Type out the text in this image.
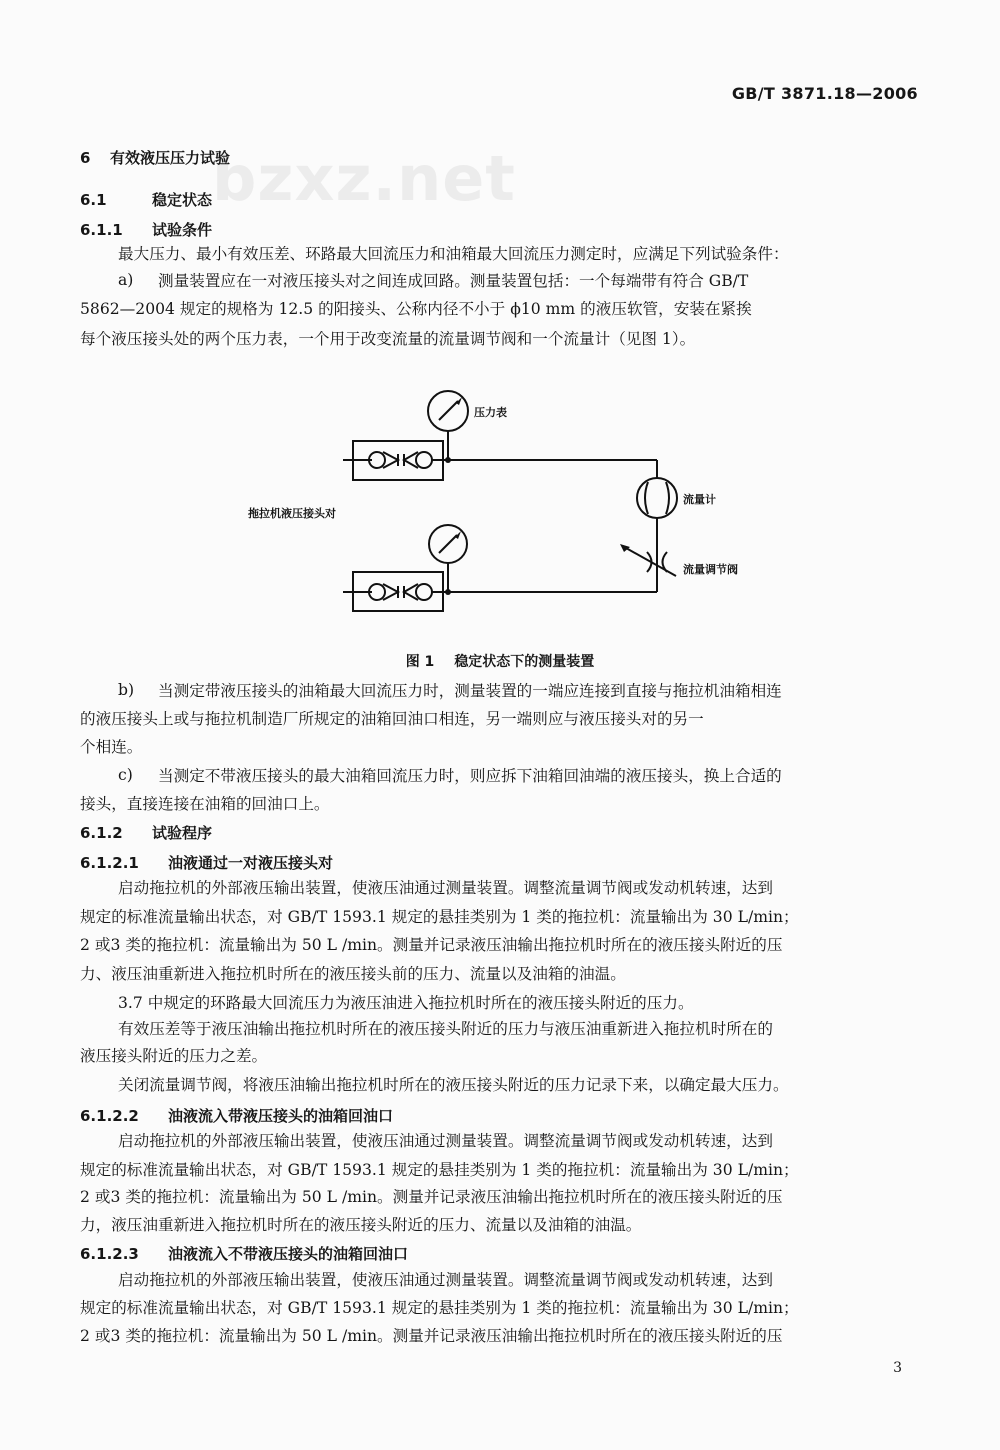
bzxz.net
GB/T 3871.18—2006
6 有效液压压力试验
6.1	稳定状态
6.1.1 试验条件
最大压力、最小有效压差、环路最大回流压力和油箱最大回流压力测定时，应满足下列试验条件：
a) 测量装置应在一对液压接头对之间连成回路。测量装置包括：一个每端带有符合 GB/T
5862—2004 规定的规格为 12.5 的阳接头、公称内径不小于 ϕ10 mm 的液压软管，安装在紧挨
每个液压接头处的两个压力表，一个用于改变流量的流量调节阀和一个流量计（见图 1）。
压力表
拖拉机液压接头对
流量计
流量调节阀
图 1 稳定状态下的测量装置
b) 当测定带液压接头的油箱最大回流压力时，测量装置的一端应连接到直接与拖拉机油箱相连
的液压接头上或与拖拉机制造厂所规定的油箱回油口相连，另一端则应与液压接头对的另一
个相连。
c) 当测定不带液压接头的最大油箱回流压力时，则应拆下油箱回油端的液压接头，换上合适的
接头，直接连接在油箱的回油口上。
6.1.2 试验程序
6.1.2.1 油液通过一对液压接头对
启动拖拉机的外部液压输出装置，使液压油通过测量装置。调整流量调节阀或发动机转速，达到
规定的标准流量输出状态，对 GB/T 1593.1 规定的悬挂类别为 1 类的拖拉机：流量输出为 30 L/min；
2 或3 类的拖拉机：流量输出为 50 L /min。测量并记录液压油输出拖拉机时所在的液压接头附近的压
力、液压油重新进入拖拉机时所在的液压接头前的压力、流量以及油箱的油温。
3.7 中规定的环路最大回流压力为液压油进入拖拉机时所在的液压接头附近的压力。
有效压差等于液压油输出拖拉机时所在的液压接头附近的压力与液压油重新进入拖拉机时所在的
液压接头附近的压力之差。
关闭流量调节阀，将液压油输出拖拉机时所在的液压接头附近的压力记录下来，以确定最大压力。
6.1.2.2 油液流入带液压接头的油箱回油口
启动拖拉机的外部液压输出装置，使液压油通过测量装置。调整流量调节阀或发动机转速，达到
规定的标准流量输出状态，对 GB/T 1593.1 规定的悬挂类别为 1 类的拖拉机：流量输出为 30 L/min；
2 或3 类的拖拉机：流量输出为 50 L /min。测量并记录液压油输出拖拉机时所在的液压接头附近的压
力，液压油重新进入拖拉机时所在的液压接头附近的压力、流量以及油箱的油温。
6.1.2.3 油液流入不带液压接头的油箱回油口
启动拖拉机的外部液压输出装置，使液压油通过测量装置。调整流量调节阀或发动机转速，达到
规定的标准流量输出状态，对 GB/T 1593.1 规定的悬挂类别为 1 类的拖拉机：流量输出为 30 L/min；
2 或3 类的拖拉机：流量输出为 50 L /min。测量并记录液压油输出拖拉机时所在的液压接头附近的压
3
